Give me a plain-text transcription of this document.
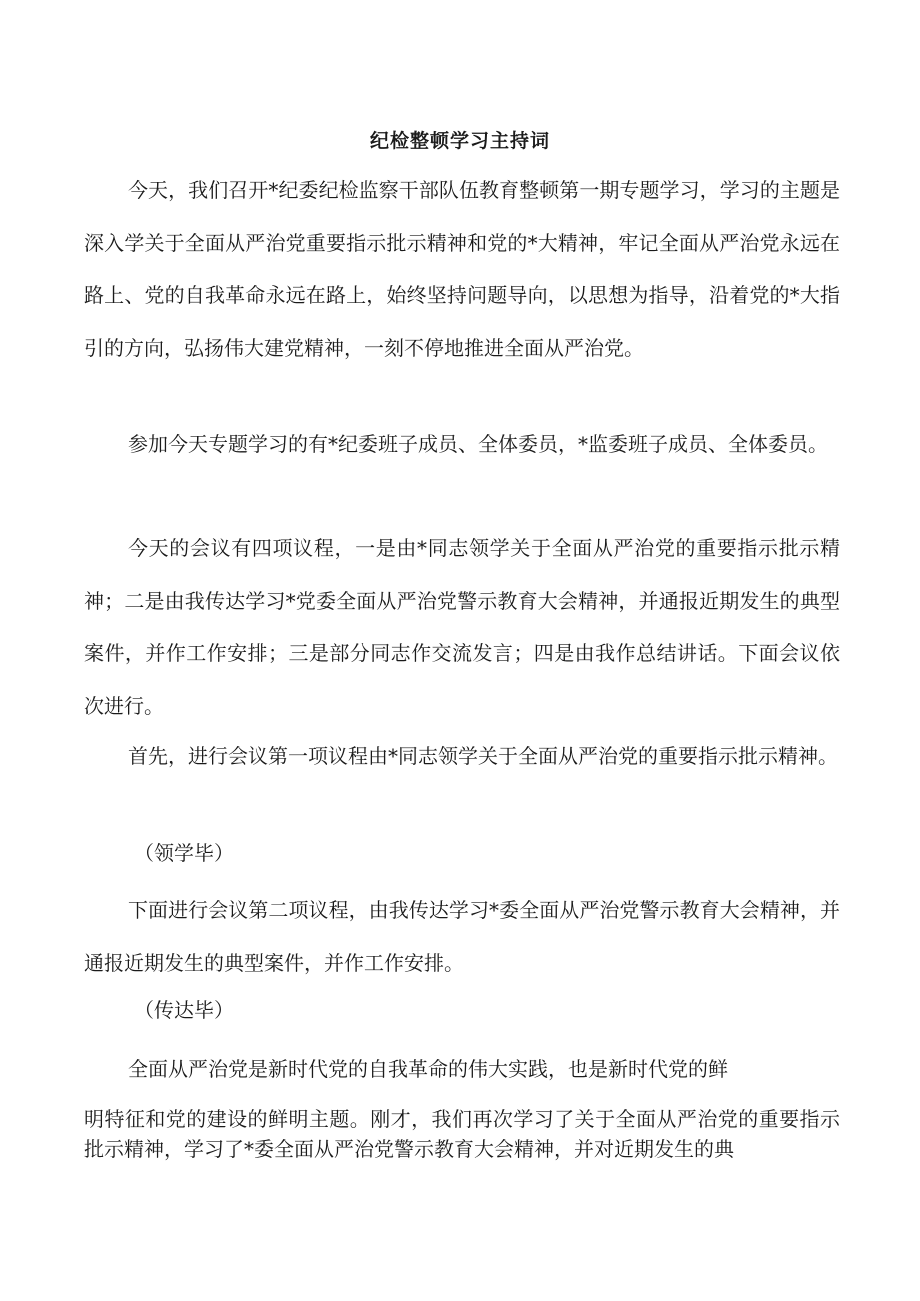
纪检整顿学习主持词

今天，我们召开*纪委纪检监察干部队伍教育整顿第一期专题学习，学习的主题是深入学关于全面从严治党重要指示批示精神和党的*大精神，牢记全面从严治党永远在路上、党的自我革命永远在路上，始终坚持问题导向，以思想为指导，沿着党的*大指引的方向，弘扬伟大建党精神，一刻不停地推进全面从严治党。

参加今天专题学习的有*纪委班子成员、全体委员，*监委班子成员、全体委员。

今天的会议有四项议程，一是由*同志领学关于全面从严治党的重要指示批示精神；二是由我传达学习*党委全面从严治党警示教育大会精神，并通报近期发生的典型案件，并作工作安排；三是部分同志作交流发言；四是由我作总结讲话。下面会议依次进行。

首先，进行会议第一项议程由*同志领学关于全面从严治党的重要指示批示精神。

（领学毕）

下面进行会议第二项议程，由我传达学习*委全面从严治党警示教育大会精神，并通报近期发生的典型案件，并作工作安排。

（传达毕）

全面从严治党是新时代党的自我革命的伟大实践，也是新时代党的鲜

明特征和党的建设的鲜明主题。刚才，我们再次学习了关于全面从严治党的重要指示批示精神，学习了*委全面从严治党警示教育大会精神，并对近期发生的典
